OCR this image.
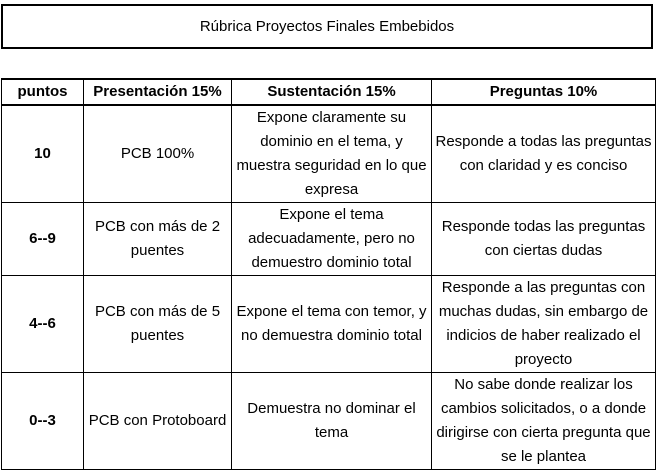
Rúbrica Proyectos Finales Embebidos
puntos	Presentación 15%	Sustentación 15%	Preguntas 10%
10	PCB 100%	Expone claramente su dominio en el tema, y muestra seguridad en lo que expresa	Responde a todas las preguntas con claridad y es conciso
6--9	PCB con más de 2 puentes	Expone el tema adecuadamente, pero no demuestro dominio total	Responde todas las preguntas con ciertas dudas
4--6	PCB con más de 5 puentes	Expone el tema con temor, y no demuestra dominio total	Responde a las preguntas con muchas dudas, sin embargo de indicios de haber realizado el proyecto
0--3	PCB con Protoboard	Demuestra no dominar el tema	No sabe donde realizar los cambios solicitados, o a donde dirigirse con cierta pregunta que se le plantea
